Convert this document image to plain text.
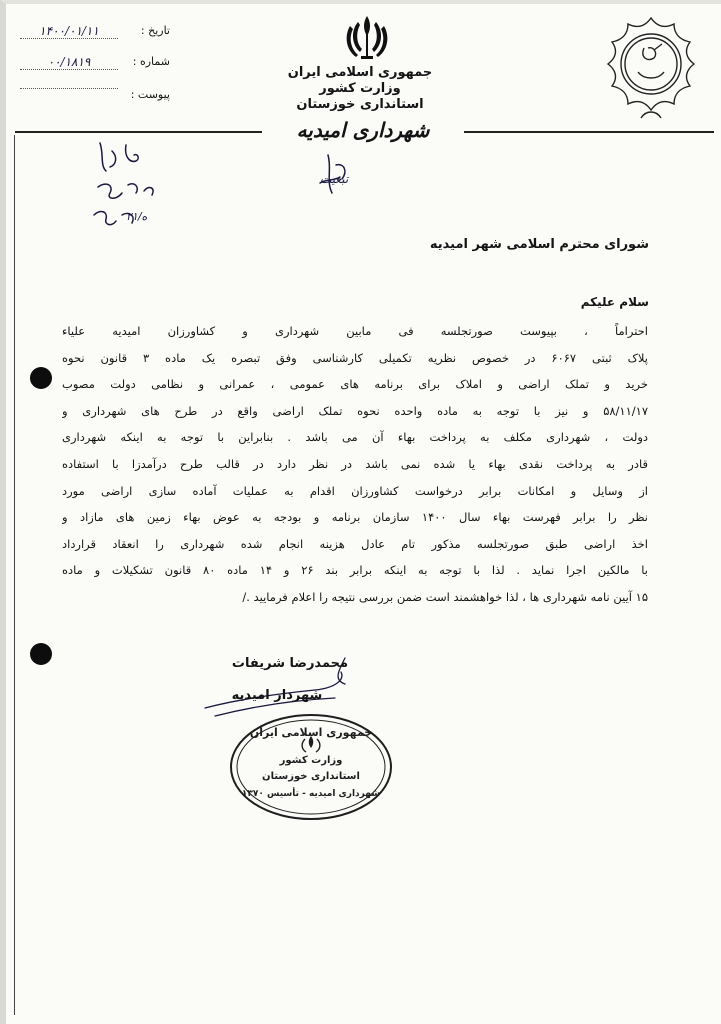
تاریخ :
۱۴۰۰/۰۱/۱۱
شماره :
۰۰/۱۸۱۹
پیوست :
جمهوری اسلامی ایران
وزارت کشور
استانداری خوزستان
شهرداری امیدیه
تبعیت
ه/۲۱
شورای محترم اسلامی شهر امیدیه
سلام علیکم
احتراماً ، بپیوست صورتجلسه فی مابین شهرداری و کشاورزان امیدیه علیاء
پلاک ثبتی ۶۰۶۷ در خصوص نظریه تکمیلی کارشناسی وفق تبصره یک ماده ۳ قانون نحوه
خرید و تملک اراضی و املاک برای برنامه های عمومی ، عمرانی و نظامی دولت مصوب
۵۸/۱۱/۱۷ و نیز با توجه به ماده واحده نحوه تملک اراضی واقع در طرح های شهرداری و
دولت ، شهرداری مکلف به پرداخت بهاء آن می باشد . بنابراین با توجه به اینکه شهرداری
قادر به پرداخت نقدی بهاء یا شده نمی باشد در نظر دارد در قالب طرح درآمدزا با استفاده
از وسایل و امکانات برابر درخواست کشاورزان اقدام به عملیات آماده سازی اراضی مورد
نظر را برابر فهرست بهاء سال ۱۴۰۰ سازمان برنامه و بودجه به عوض بهاء زمین های مازاد و
اخذ اراضی طبق صورتجلسه مذکور تام عادل هزینه انجام شده شهرداری را انعقاد قرارداد
با مالکین اجرا نماید . لذا با توجه به اینکه برابر بند ۲۶ و ۱۴ ماده ۸۰ قانون تشکیلات و ماده
۱۵ آیین نامه شهرداری ها ، لذا خواهشمند است ضمن بررسی نتیجه را اعلام فرمایید ./
محمدرضا شریفات
شهردار امیدیه
جمهوری اسلامی ایران
وزارت کشور
استانداری خوزستان
شهرداری امیدیه - تأسیس ۱۳۷۰
